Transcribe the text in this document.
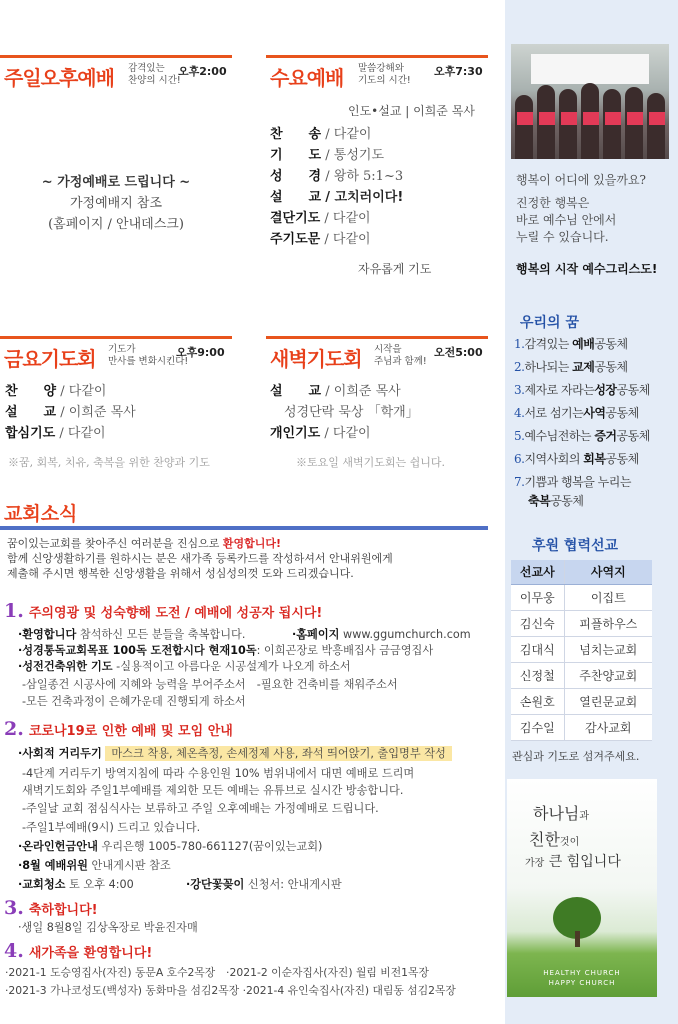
주일오후예배 감격있는
찬양의 시간!
오후2:00
~ 가정예배로 드립니다 ~
가정예배지 참조
(홈페이지 / 안내데스크)
수요예배 말씀강해와
기도의 시간!
오후7:30
인도•설교 | 이희준 목사
찬　　송 / 다같이
기　　도 / 통성기도
성　　경 / 왕하 5:1~3
설　　교 / 고치러이다!
결단기도 / 다같이
주기도문 / 다같이
자유롭게 기도
금요기도회 기도가
만사를 변화시킨다!
오후9:00
찬　　양 / 다같이
설　　교 / 이희준 목사
합심기도 / 다같이
※꿈, 회복, 치유, 축복을 위한 찬양과 기도
새벽기도회 시작을
주님과 함께!
오전5:00
설　　교 / 이희준 목사
성경단락 묵상 「학개」
개인기도 / 다같이
※토요일 새벽기도회는 쉽니다.
교회소식
꿈이있는교회를 찾아주신 여러분을 진심으로 환영합니다!
함께 신앙생활하기를 원하시는 분은 새가족 등록카드를 작성하셔서 안내위원에게
제출해 주시면 행복한 신앙생활을 위해서 성심성의껏 도와 드리겠습니다.
1. 주의영광 및 성숙향해 도전 / 예배에 성공자 됩시다!
·환영합니다 참석하신 모든 분들을 축복합니다.	·홈페이지 www.ggumchurch.com
·성경통독교회목표 100독 도전합시다 현재10독: 이희곤장로 박흥배집사 금금영집사
·성전건축위한 기도 -실용적이고 아름다운 시공설계가 나오게 하소서
-삼일종건 시공사에 지혜와 능력을 부어주소서　-필요한 건축비를 채워주소서
-모든 건축과정이 은혜가운데 진행되게 하소서
2. 코로나19로 인한 예배 및 모임 안내
·사회적 거리두기 마스크 착용, 체온측정, 손세정제 사용, 좌석 띄어앉기, 출입명부 작성
-4단계 거리두기 방역지침에 따라 수용인원 10% 범위내에서 대면 예배로 드리며
새벽기도회와 주일1부예배를 제외한 모든 예배는 유튜브로 실시간 방송합니다.
-주일날 교회 점심식사는 보류하고 주일 오후예배는 가정예배로 드립니다.
-주일1부예배(9시) 드리고 있습니다.
·온라인헌금안내 우리은행 1005-780-661127(꿈이있는교회)
·8월 예배위원 안내게시판 참조
·교회청소 토 오후 4:00	·강단꽃꽂이 신청서: 안내게시판
3. 축하합니다!
·생일 8월8일 김상옥장로 박윤진자매
4. 새가족을 환영합니다!
·2021-1 도승영집사(자진) 동문A 호수2목장　·2021-2 이순자집사(자진) 월림 비전1목장
·2021-3 가나코성도(백성자) 동화마을 섬김2목장 ·2021-4 유인숙집사(자진) 대림동 섬김2목장
행복이 어디에 있을까요?
진정한 행복은
바로 예수님 안에서
누릴 수 있습니다.
행복의 시작 예수그리스도!
우리의 꿈
1.감격있는 예배공동체
2.하나되는 교제공동체
3.제자로 자라는성장공동체
4.서로 섬기는사역공동체
5.예수님전하는 증거공동체
6.지역사회의 회복공동체
7.기쁨과 행복을 누리는
축복공동체
후원 협력선교
선교사	사역지
이무웅	이집트
김신숙	피플하우스
김대식	넘치는교회
신정철	주찬양교회
손원호	열린문교회
김수일	감사교회
관심과 기도로 섬겨주세요.
하나님과
친한것이
가장 큰 힘입니다
HEALTHY CHURCH
HAPPY CHURCH
